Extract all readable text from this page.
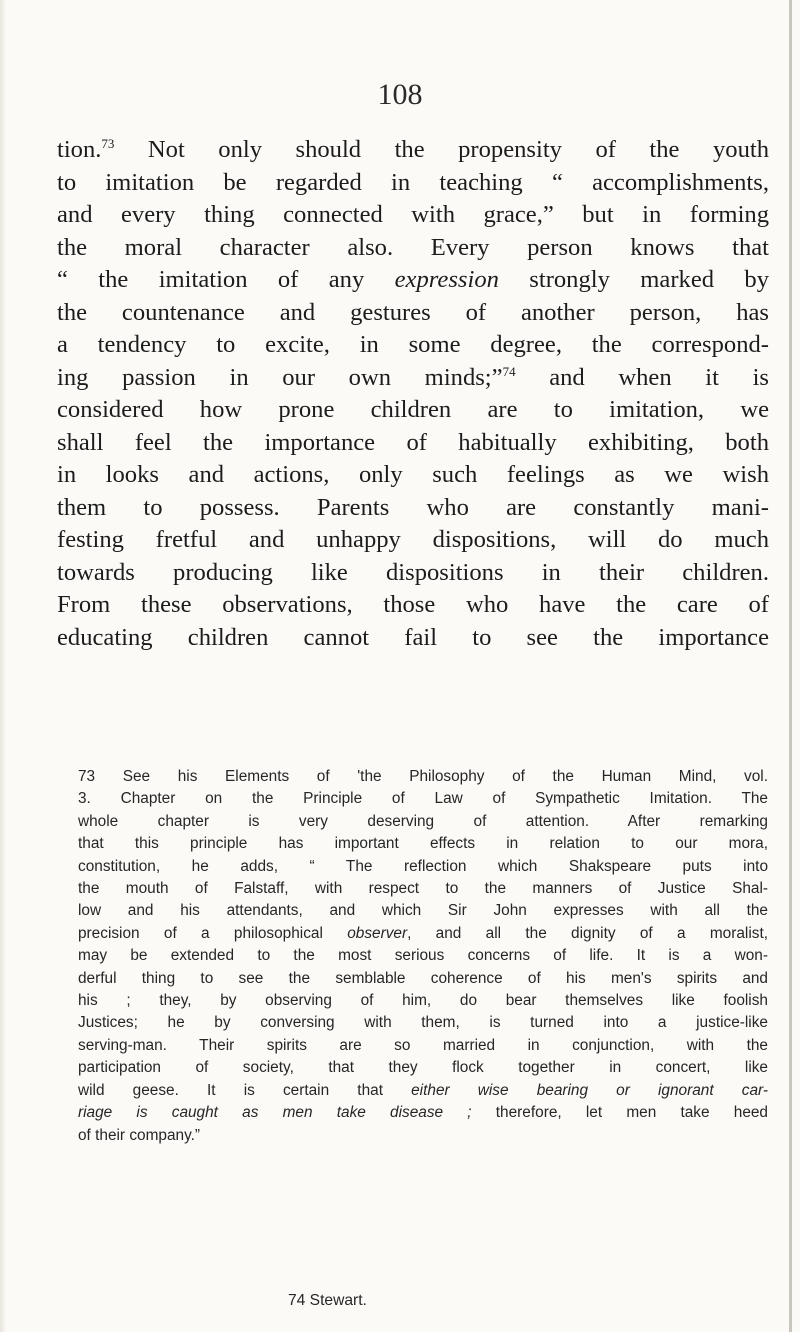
108
tion.$^{73}$ Not only should the propensity of the youth
to imitation be regarded in teaching “ accomplishments,
and every thing connected with grace,” but in forming
the moral character also. Every person knows that
“ the imitation of any expression strongly marked by
the countenance and gestures of another person, has
a tendency to excite, in some degree, the correspond-
ing passion in our own minds;”$^{74}$ and when it is
considered how prone children are to imitation, we
shall feel the importance of habitually exhibiting, both
in looks and actions, only such feelings as we wish
them to possess. Parents who are constantly mani-
festing fretful and unhappy dispositions, will do much
towards producing like dispositions in their children.
From these observations, those who have the care of
educating children cannot fail to see the importance
73 See his Elements of 'the Philosophy of the Human Mind, vol.
3. Chapter on the Principle of Law of Sympathetic Imitation. The
whole chapter is very deserving of attention. After remarking
that this principle has important effects in relation to our mora,
constitution, he adds, “ The reflection which Shakspeare puts into
the mouth of Falstaff, with respect to the manners of Justice Shal-
low and his attendants, and which Sir John expresses with all the
precision of a philosophical observer, and all the dignity of a moralist,
may be extended to the most serious concerns of life. It is a won-
derful thing to see the semblable coherence of his men's spirits and
his ; they, by observing of him, do bear themselves like foolish
Justices; he by conversing with them, is turned into a justice-like
serving-man. Their spirits are so married in conjunction, with the
participation of society, that they flock together in concert, like
wild geese. It is certain that either wise bearing or ignorant car-
riage is caught as men take disease ; therefore, let men take heed
of their company.”
74 Stewart.
